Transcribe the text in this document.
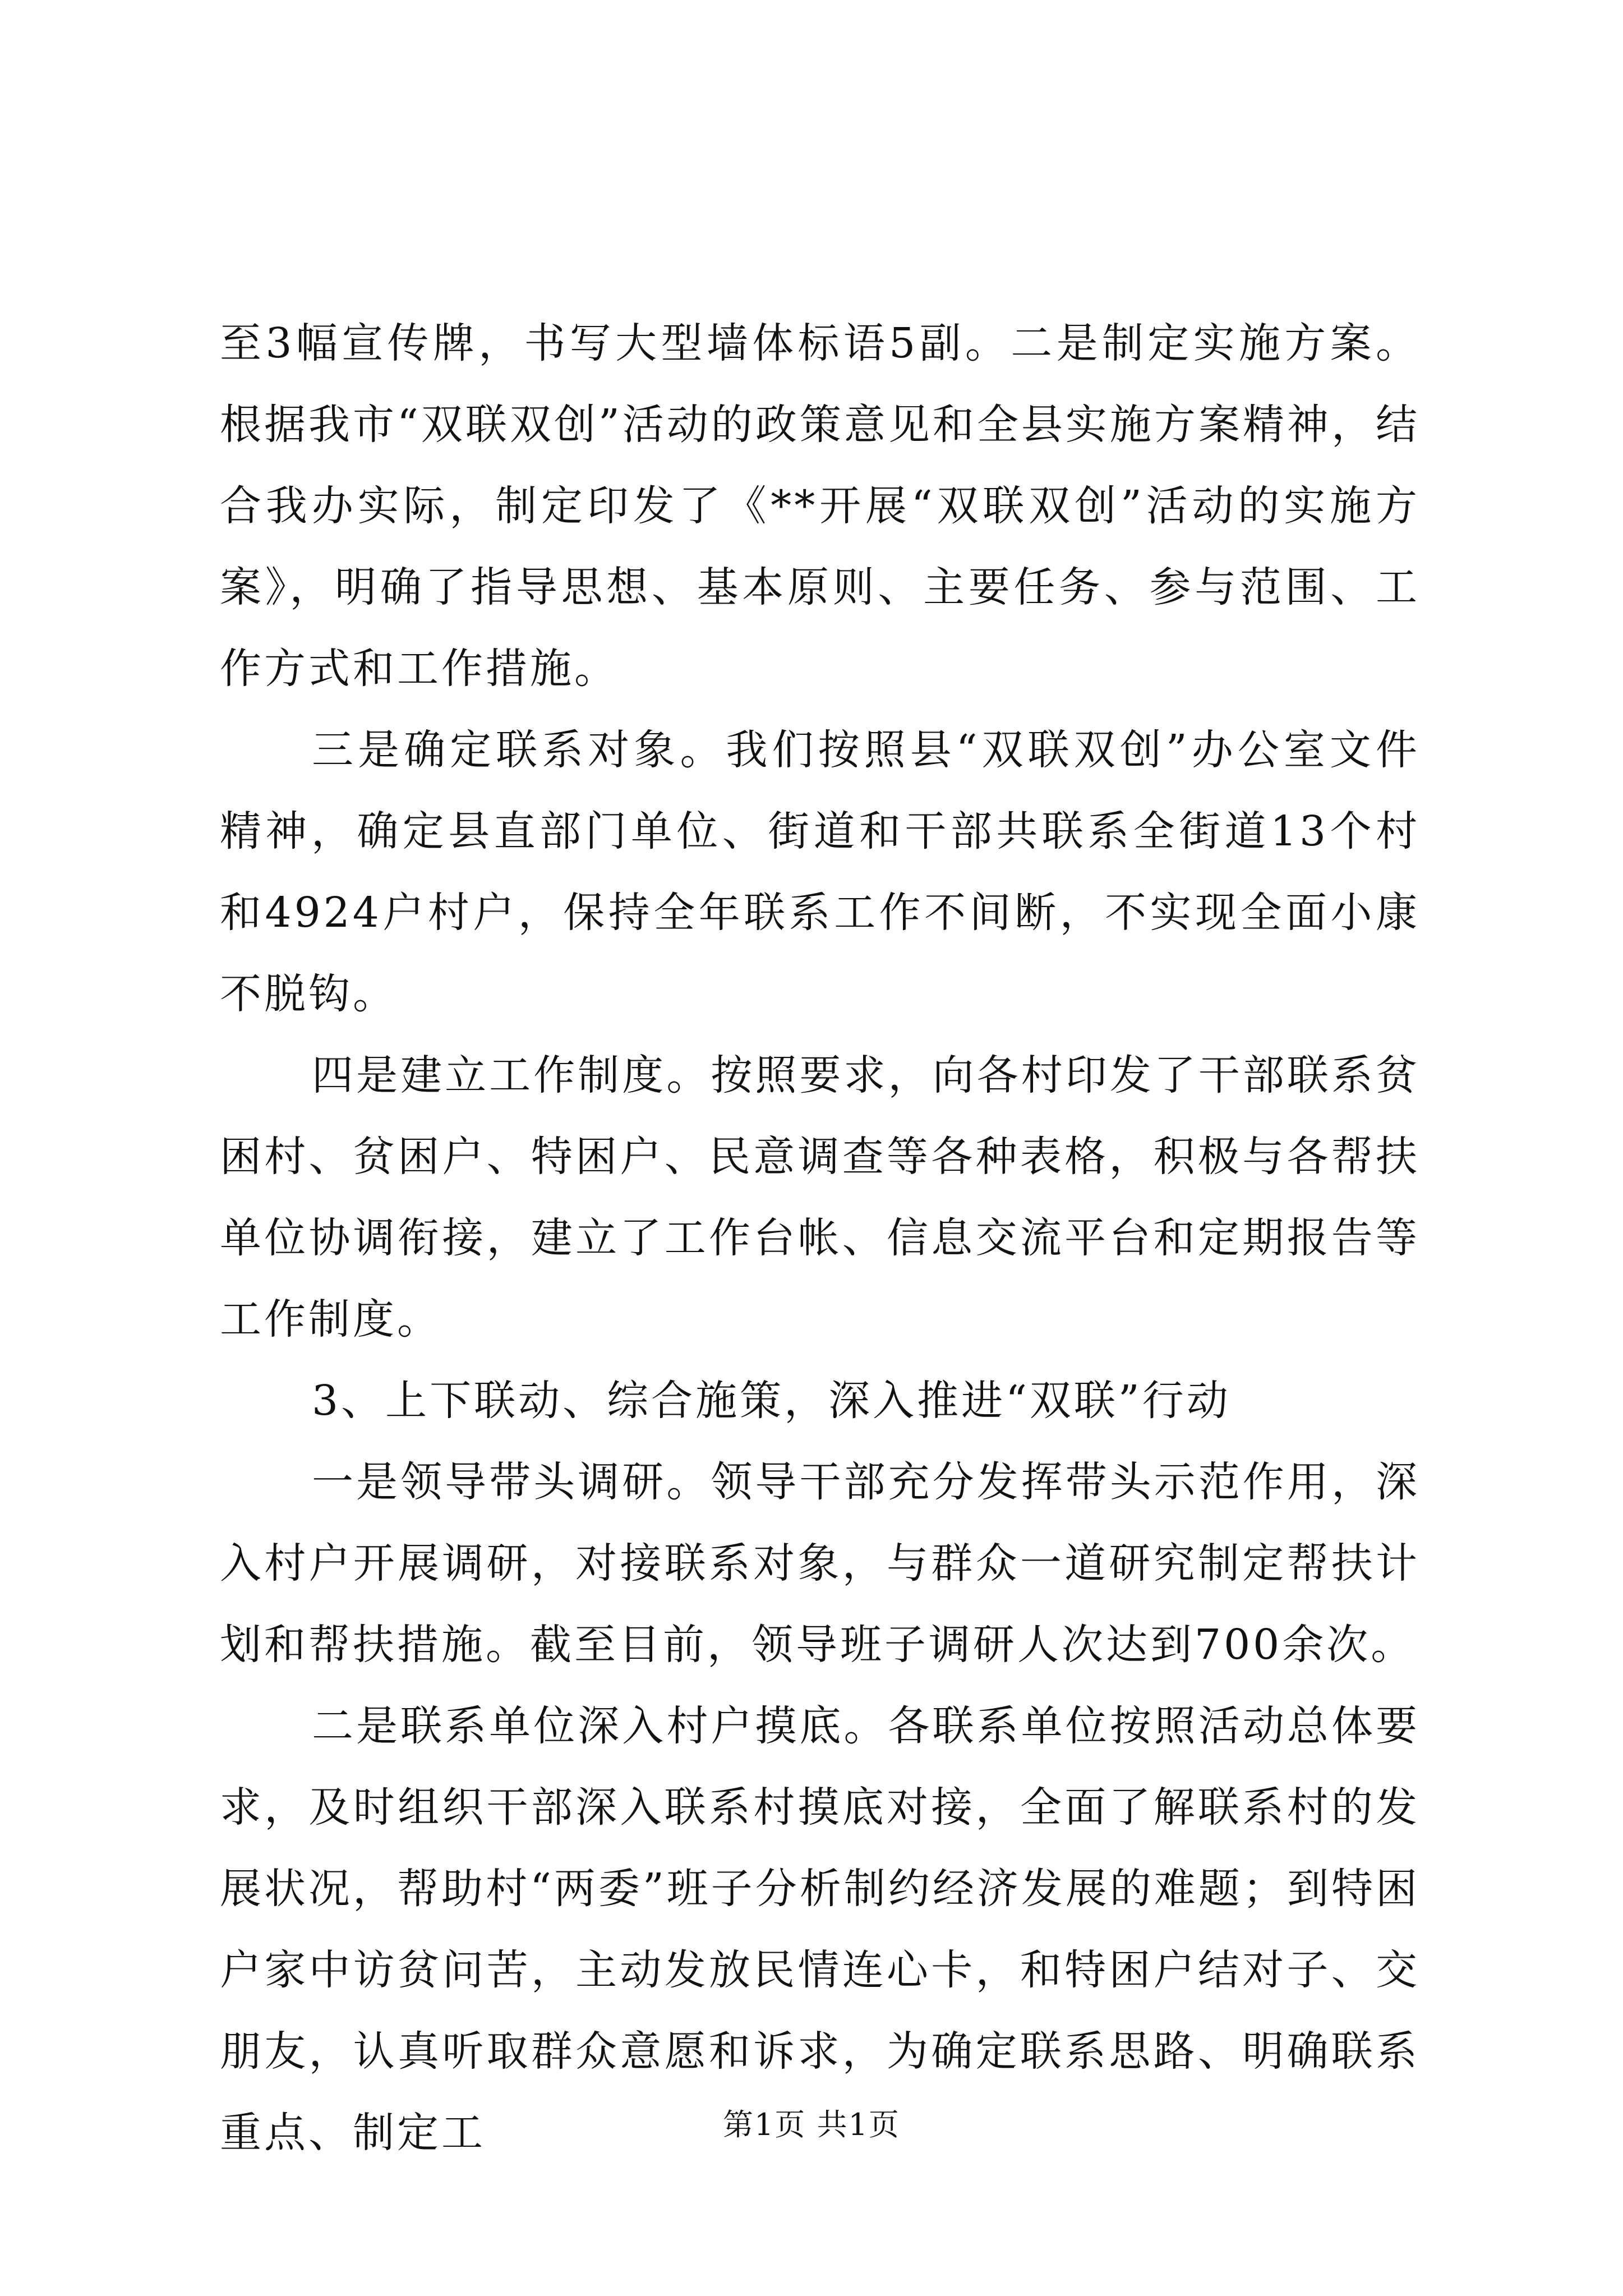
至3幅宣传牌，书写大型墙体标语5副。二是制定实施方案。根据我市“双联双创”活动的政策意见和全县实施方案精神，结合我办实际，制定印发了《**开展“双联双创”活动的实施方案》，明确了指导思想、基本原则、主要任务、参与范围、工作方式和工作措施。

三是确定联系对象。我们按照县“双联双创”办公室文件精神，确定县直部门单位、街道和干部共联系全街道13个村和4924户村户，保持全年联系工作不间断，不实现全面小康不脱钩。

四是建立工作制度。按照要求，向各村印发了干部联系贫困村、贫困户、特困户、民意调查等各种表格，积极与各帮扶单位协调衔接，建立了工作台帐、信息交流平台和定期报告等工作制度。

3、上下联动、综合施策，深入推进“双联”行动

一是领导带头调研。领导干部充分发挥带头示范作用，深入村户开展调研，对接联系对象，与群众一道研究制定帮扶计划和帮扶措施。截至目前，领导班子调研人次达到700余次。

二是联系单位深入村户摸底。各联系单位按照活动总体要求，及时组织干部深入联系村摸底对接，全面了解联系村的发展状况，帮助村“两委”班子分析制约经济发展的难题；到特困户家中访贫问苦，主动发放民情连心卡，和特困户结对子、交朋友，认真听取群众意愿和诉求，为确定联系思路、明确联系重点、制定工	第1页 共1页
